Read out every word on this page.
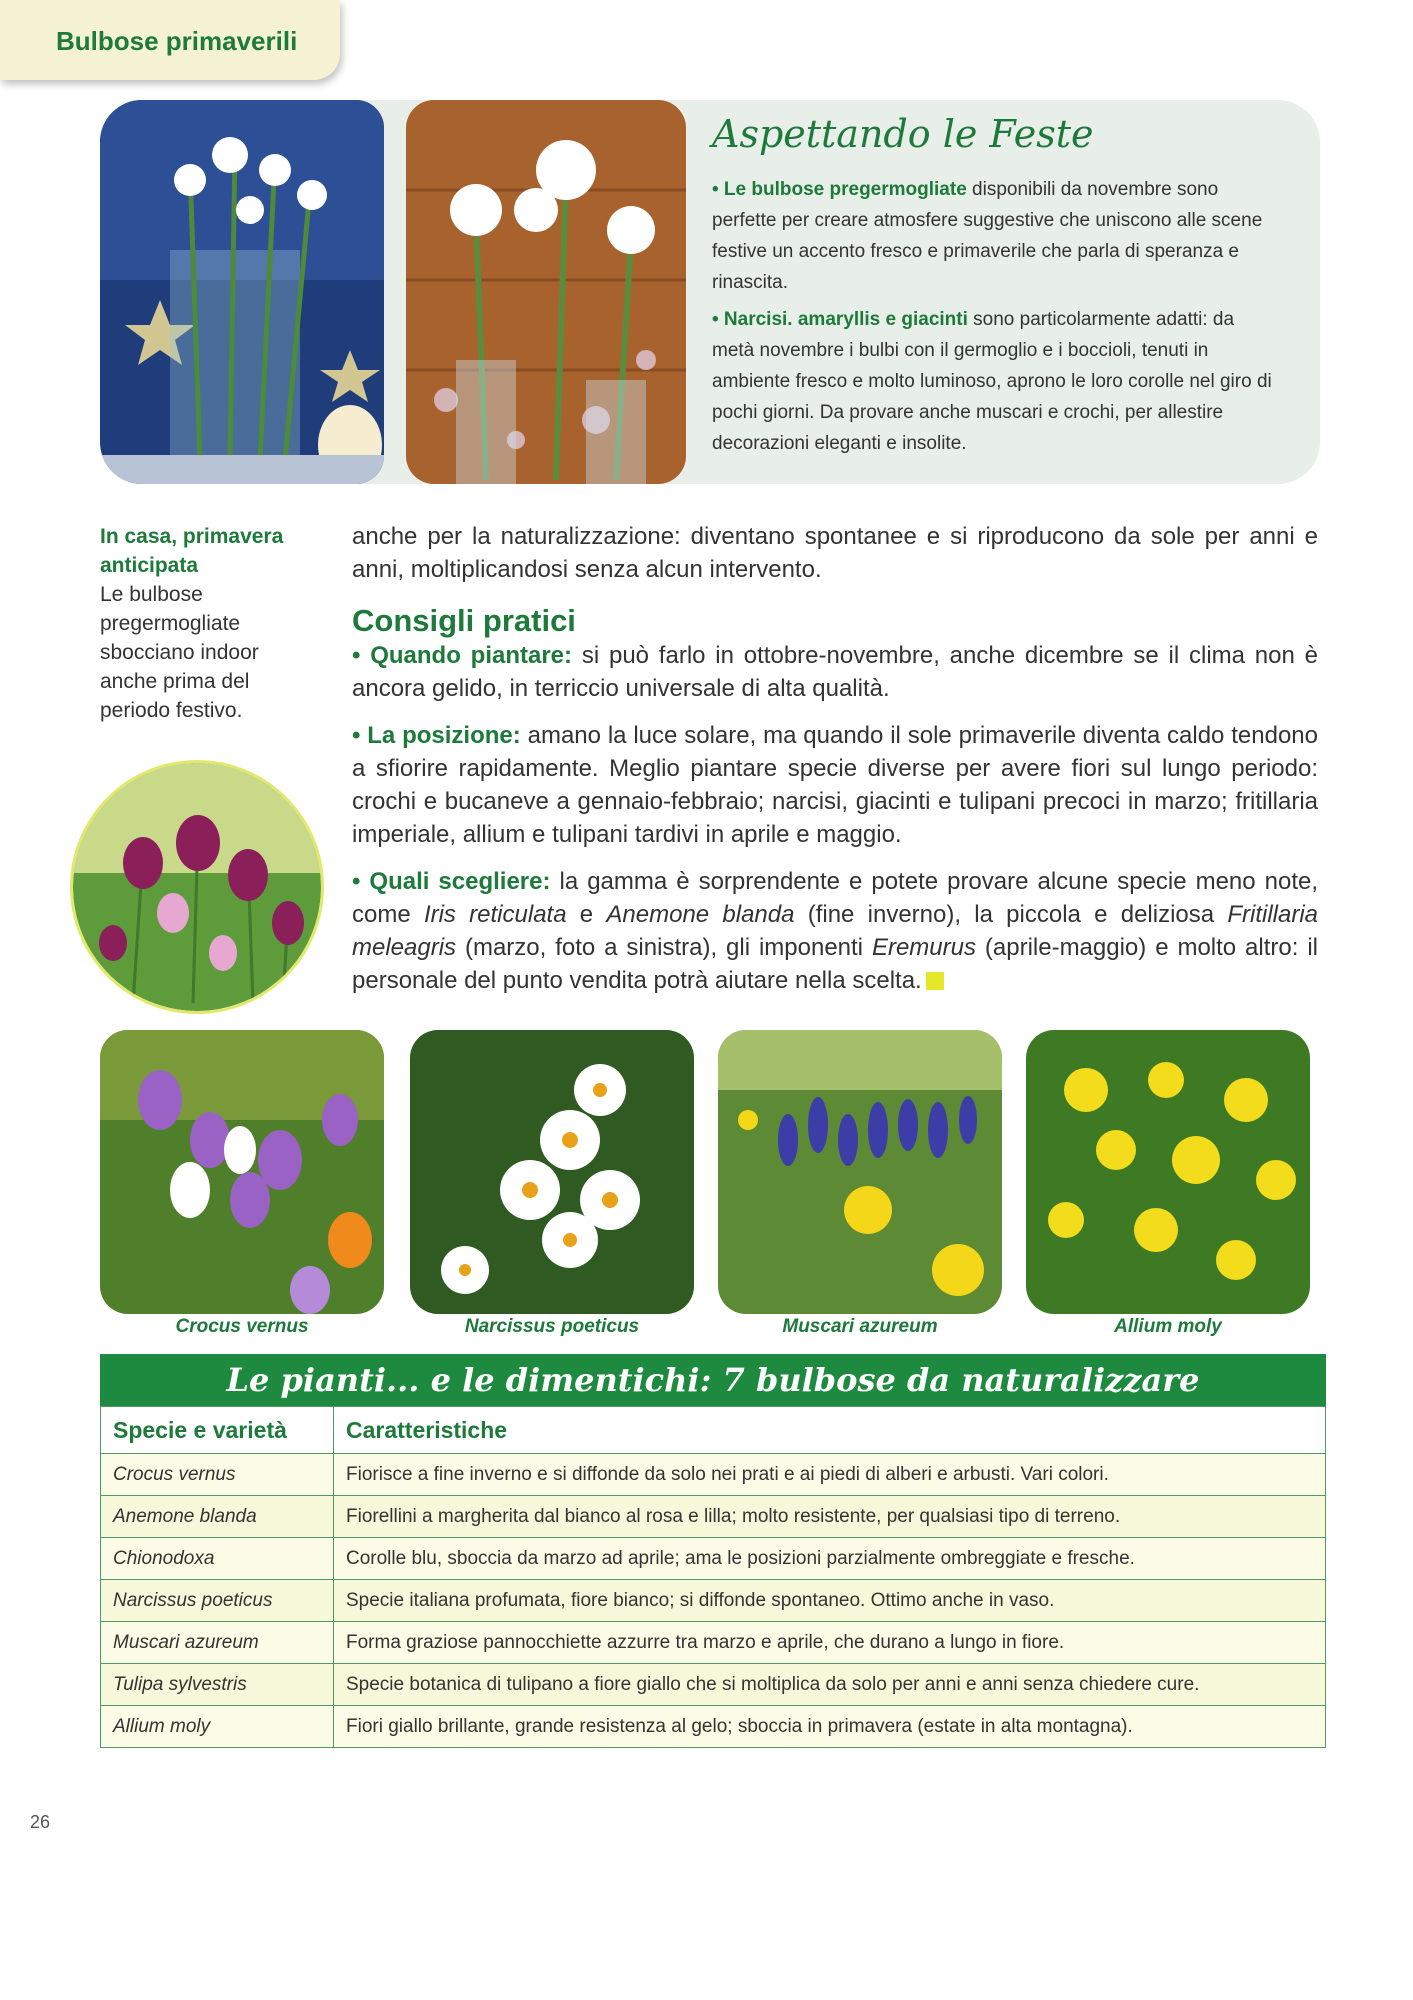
Bulbose primaverili
Aspettando le Feste

• Le bulbose pregermogliate disponibili da novembre sono perfette per creare atmosfere suggestive che uniscono alle scene festive un accento fresco e primaverile che parla di speranza e rinascita.

• Narcisi. amaryllis e giacinti sono particolarmente adatti: da metà novembre i bulbi con il germoglio e i boccioli, tenuti in ambiente fresco e molto luminoso, aprono le loro corolle nel giro di pochi giorni. Da provare anche muscari e crochi, per allestire decorazioni eleganti e insolite.

In casa, primavera anticipata
Le bulbose pregermogliate sbocciano indoor anche prima del periodo festivo.

anche per la naturalizzazione: diventano spontanee e si riproducono da sole per anni e anni, moltiplicandosi senza alcun intervento.

Consigli pratici

• Quando piantare: si può farlo in ottobre-novembre, anche dicembre se il clima non è ancora gelido, in terriccio universale di alta qualità.

• La posizione: amano la luce solare, ma quando il sole primaverile diventa caldo tendono a sfiorire rapidamente. Meglio piantare specie diverse per avere fiori sul lungo periodo: crochi e bucaneve a gennaio-febbraio; narcisi, giacinti e tulipani precoci in marzo; fritillaria imperiale, allium e tulipani tardivi in aprile e maggio.

• Quali scegliere: la gamma è sorprendente e potete provare alcune specie meno note, come Iris reticulata e Anemone blanda (fine inverno), la piccola e deliziosa Fritillaria meleagris (marzo, foto a sinistra), gli imponenti Eremurus (aprile-maggio) e molto altro: il personale del punto vendita potrà aiutare nella scelta.

Crocus vernus	Narcissus poeticus	Muscari azureum	Allium moly
Le pianti... e le dimentichi: 7 bulbose da naturalizzare
Specie e varietà	Caratteristiche
Crocus vernus	Fiorisce a fine inverno e si diffonde da solo nei prati e ai piedi di alberi e arbusti. Vari colori.
Anemone blanda	Fiorellini a margherita dal bianco al rosa e lilla; molto resistente, per qualsiasi tipo di terreno.
Chionodoxa	Corolle blu, sboccia da marzo ad aprile; ama le posizioni parzialmente ombreggiate e fresche.
Narcissus poeticus	Specie italiana profumata, fiore bianco; si diffonde spontaneo. Ottimo anche in vaso.
Muscari azureum	Forma graziose pannocchiette azzurre tra marzo e aprile, che durano a lungo in fiore.
Tulipa sylvestris	Specie botanica di tulipano a fiore giallo che si moltiplica da solo per anni e anni senza chiedere cure.
Allium moly	Fiori giallo brillante, grande resistenza al gelo; sboccia in primavera (estate in alta montagna).
26
